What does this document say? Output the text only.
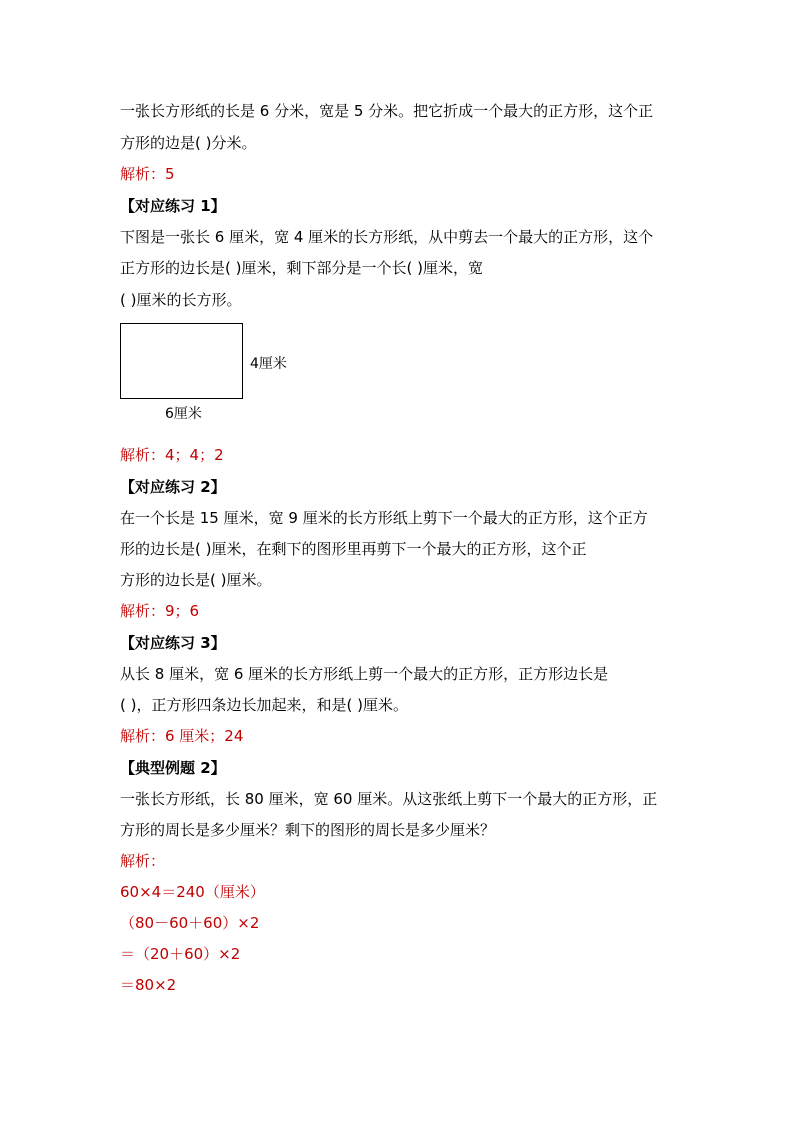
一张长方形纸的长是 6 分米，宽是 5 分米。把它折成一个最大的正方形，这个正
方形的边是( )分米。
解析：5
【对应练习 1】
下图是一张长 6 厘米，宽 4 厘米的长方形纸，从中剪去一个最大的正方形，这个
正方形的边长是( )厘米，剩下部分是一个长( )厘米，宽
( )厘米的长方形。
4厘米
6厘米
解析：4；4；2
【对应练习 2】
在一个长是 15 厘米，宽 9 厘米的长方形纸上剪下一个最大的正方形，这个正方
形的边长是( )厘米，在剩下的图形里再剪下一个最大的正方形，这个正
方形的边长是( )厘米。
解析：9；6
【对应练习 3】
从长 8 厘米，宽 6 厘米的长方形纸上剪一个最大的正方形，正方形边长是
( )，正方形四条边长加起来，和是( )厘米。
解析：6 厘米；24
【典型例题 2】
一张长方形纸，长 80 厘米，宽 60 厘米。从这张纸上剪下一个最大的正方形，正
方形的周长是多少厘米？剩下的图形的周长是多少厘米？
解析：
60×4＝240（厘米）
（80－60＋60）×2
＝（20＋60）×2
＝80×2
